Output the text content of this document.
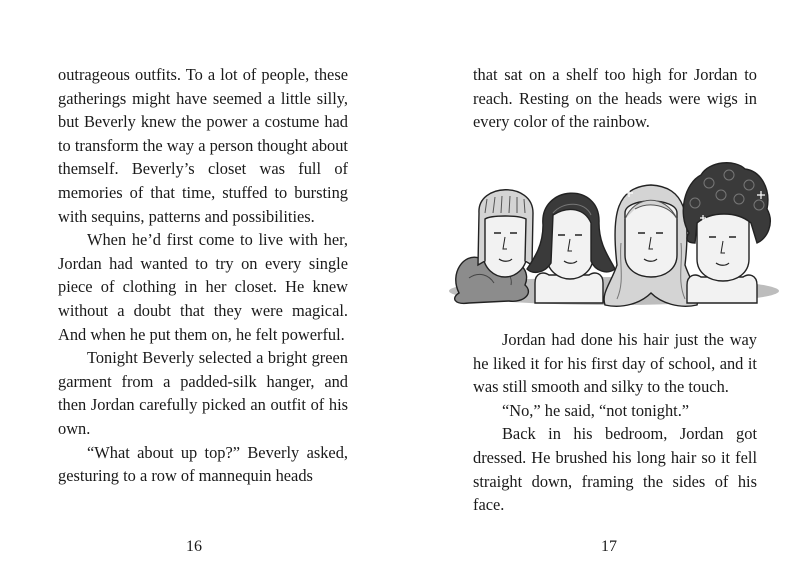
outrageous outfits. To a lot of people, these gatherings might have seemed a little silly, but Beverly knew the power a costume had to transform the way a person thought about themself. Beverly’s closet was full of memories of that time, stuffed to bursting with sequins, patterns and possibilities.

When he’d first come to live with her, Jordan had wanted to try on every single piece of clothing in her closet. He knew without a doubt that they were magical. And when he put them on, he felt powerful.

Tonight Beverly selected a bright green garment from a padded-silk hanger, and then Jordan carefully picked an outfit of his own.

“What about up top?” Beverly asked, gesturing to a row of mannequin heads

16

that sat on a shelf too high for Jordan to reach. Resting on the heads were wigs in every color of the rainbow.

Jordan had done his hair just the way he liked it for his first day of school, and it was still smooth and silky to the touch.

“No,” he said, “not tonight.”

Back in his bedroom, Jordan got dressed. He brushed his long hair so it fell straight down, framing the sides of his face.

17
